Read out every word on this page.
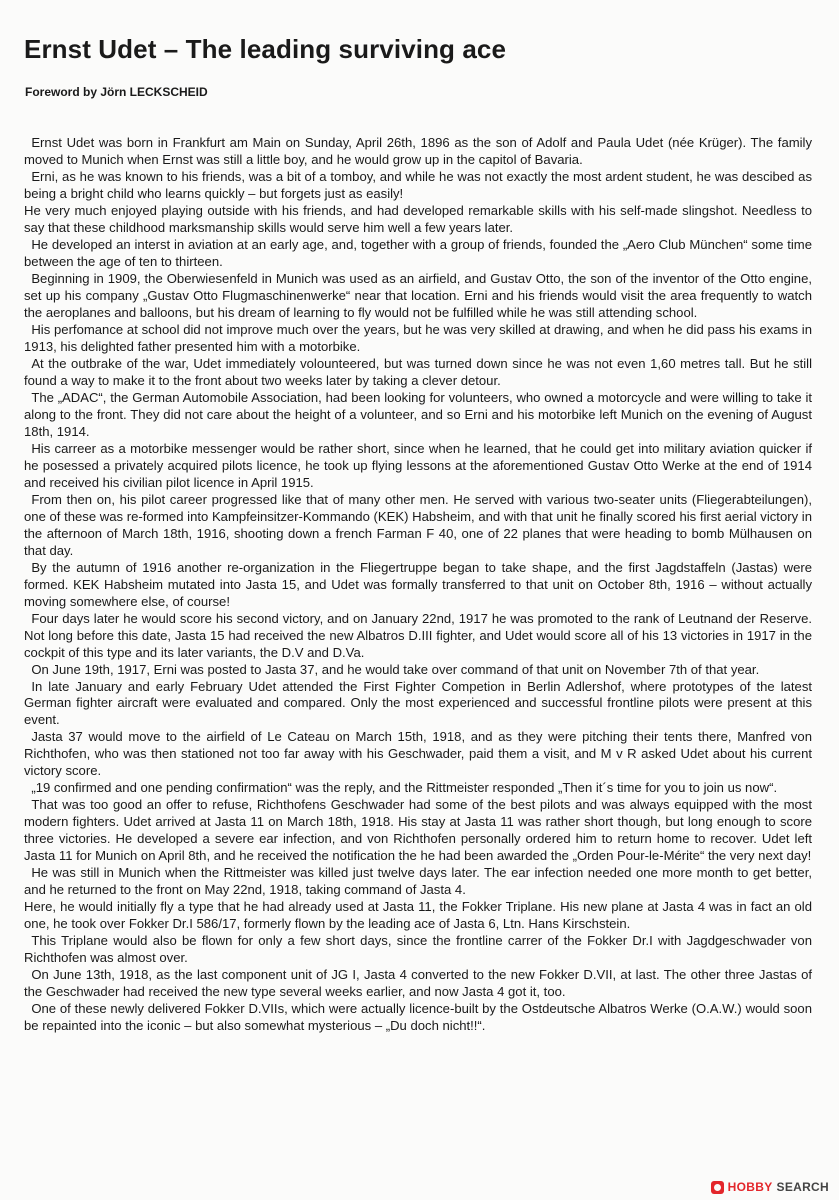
Ernst Udet – The leading surviving ace

Foreword by Jörn LECKSCHEID

Ernst Udet was born in Frankfurt am Main on Sunday, April 26th, 1896 as the son of Adolf and Paula Udet (née Krüger). The family moved to Munich when Ernst was still a little boy, and he would grow up in the capitol of Bavaria.

Erni, as he was known to his friends, was a bit of a tomboy, and while he was not exactly the most ardent student, he was descibed as being a bright child who learns quickly – but forgets just as easily!

He very much enjoyed playing outside with his friends, and had developed remarkable skills with his self-made slingshot. Needless to say that these childhood marksmanship skills would serve him well a few years later.

He developed an interst in aviation at an early age, and, together with a group of friends, founded the „Aero Club München“ some time between the age of ten to thirteen.

Beginning in 1909, the Oberwiesenfeld in Munich was used as an airfield, and Gustav Otto, the son of the inventor of the Otto engine, set up his company „Gustav Otto Flugmaschinenwerke“ near that location. Erni and his friends would visit the area frequently to watch the aeroplanes and balloons, but his dream of learning to fly would not be fulfilled while he was still attending school.

His perfomance at school did not improve much over the years, but he was very skilled at drawing, and when he did pass his exams in 1913, his delighted father presented him with a motorbike.

At the outbrake of the war, Udet immediately volounteered, but was turned down since he was not even 1,60 metres tall. But he still found a way to make it to the front about two weeks later by taking a clever detour.

The „ADAC“, the German Automobile Association, had been looking for volunteers, who owned a motorcycle and were willing to take it along to the front. They did not care about the height of a volunteer, and so Erni and his motorbike left Munich on the evening of August 18th, 1914.

His carreer as a motorbike messenger would be rather short, since when he learned, that he could get into military aviation quicker if he posessed a privately acquired pilots licence, he took up flying lessons at the aforementioned Gustav Otto Werke at the end of 1914 and received his civilian pilot licence in April 1915.

From then on, his pilot career progressed like that of many other men. He served with various two-seater units (Fliegerabteilungen), one of these was re-formed into Kampfeinsitzer-Kommando (KEK) Habsheim, and with that unit he finally scored his first aerial victory in the afternoon of March 18th, 1916, shooting down a french Farman F 40, one of 22 planes that were heading to bomb Mülhausen on that day.

By the autumn of 1916 another re-organization in the Fliegertruppe began to take shape, and the first Jagdstaffeln (Jastas) were formed. KEK Habsheim mutated into Jasta 15, and Udet was formally transferred to that unit on October 8th, 1916 – without actually moving somewhere else, of course!

Four days later he would score his second victory, and on January 22nd, 1917 he was promoted to the rank of Leutnand der Reserve. Not long before this date, Jasta 15 had received the new Albatros D.III fighter, and Udet would score all of his 13 victories in 1917 in the cockpit of this type and its later variants, the D.V and D.Va.

On June 19th, 1917, Erni was posted to Jasta 37, and he would take over command of that unit on November 7th of that year.

In late January and early February Udet attended the First Fighter Competion in Berlin Adlershof, where prototypes of the latest German fighter aircraft were evaluated and compared. Only the most experienced and successful frontline pilots were present at this event.

Jasta 37 would move to the airfield of Le Cateau on March 15th, 1918, and as they were pitching their tents there, Manfred von Richthofen, who was then stationed not too far away with his Geschwader, paid them a visit, and M v R asked Udet about his current victory score.

„19 confirmed and one pending confirmation“ was the reply, and the Rittmeister responded „Then it´s time for you to join us now“.

That was too good an offer to refuse, Richthofens Geschwader had some of the best pilots and was always equipped with the most modern fighters. Udet arrived at Jasta 11 on March 18th, 1918. His stay at Jasta 11 was rather short though, but long enough to score three victories. He developed a severe ear infection, and von Richthofen personally ordered him to return home to recover. Udet left Jasta 11 for Munich on April 8th, and he received the notification the he had been awarded the „Orden Pour-le-Mérite“ the very next day!

He was still in Munich when the Rittmeister was killed just twelve days later. The ear infection needed one more month to get better, and he returned to the front on May 22nd, 1918, taking command of Jasta 4.

Here, he would initially fly a type that he had already used at Jasta 11, the Fokker Triplane. His new plane at Jasta 4 was in fact an old one, he took over Fokker Dr.I 586/17, formerly flown by the leading ace of Jasta 6, Ltn. Hans Kirschstein.

This Triplane would also be flown for only a few short days, since the frontline carrer of the Fokker Dr.I with Jagdgeschwader von Richthofen was almost over.

On June 13th, 1918, as the last component unit of JG I, Jasta 4 converted to the new Fokker D.VII, at last. The other three Jastas of the Geschwader had received the new type several weeks earlier, and now Jasta 4 got it, too.

One of these newly delivered Fokker D.VIIs, which were actually licence-built by the Ostdeutsche Albatros Werke (O.A.W.) would soon be repainted into the iconic – but also somewhat mysterious – „Du doch nicht!!“.

HOBBY SEARCH
